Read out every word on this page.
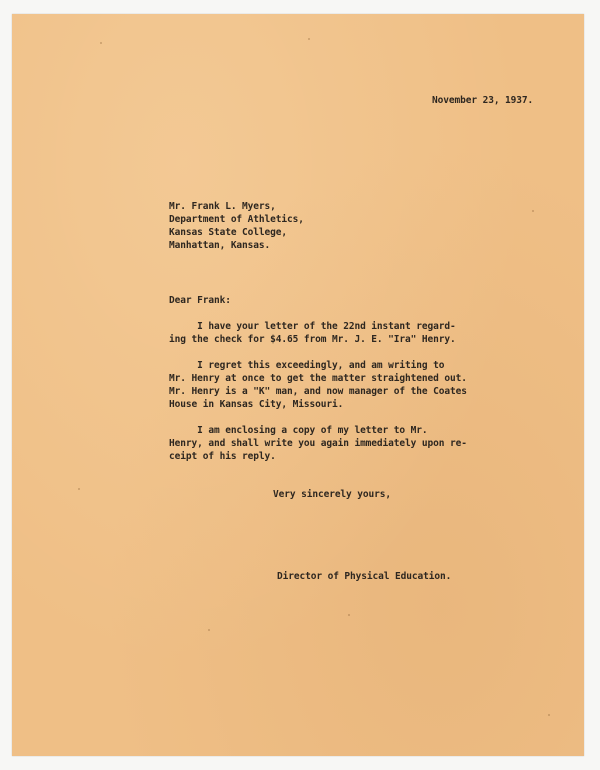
November 23, 1937.
Mr. Frank L. Myers,
Department of Athletics,
Kansas State College,
Manhattan, Kansas.
Dear Frank:
I have your letter of the 22nd instant regard-
ing the check for $4.65 from Mr. J. E. "Ira" Henry.
I regret this exceedingly, and am writing to
Mr. Henry at once to get the matter straightened out.
Mr. Henry is a "K" man, and now manager of the Coates
House in Kansas City, Missouri.
I am enclosing a copy of my letter to Mr.
Henry, and shall write you again immediately upon re-
ceipt of his reply.
Very sincerely yours,
Director of Physical Education.
